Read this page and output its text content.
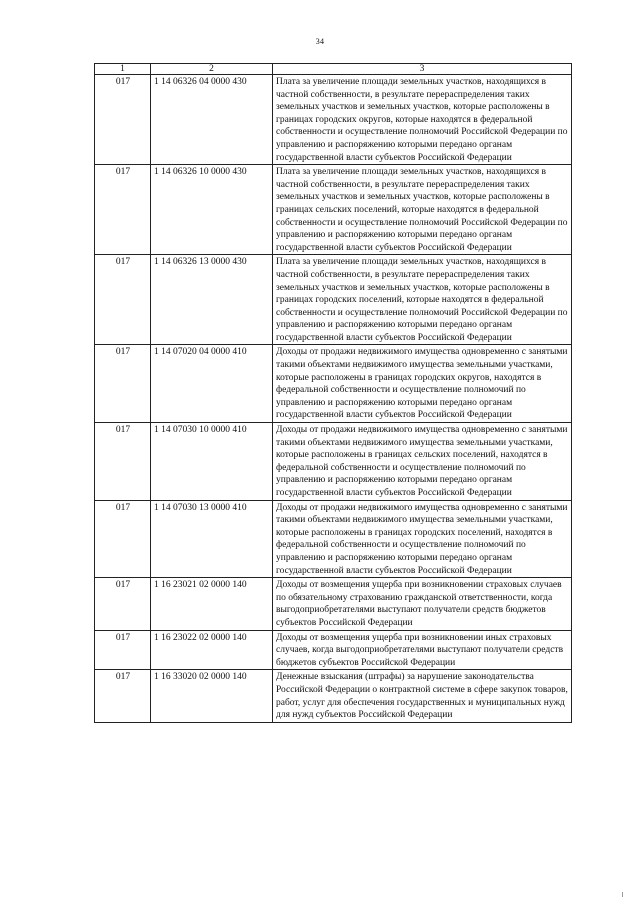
34
1	2	3
017	1 14 06326 04 0000 430	Плата за увеличение площади земельных участков, находящихся в частной собственности, в результате перераспределения таких земельных участков и земельных участков, которые расположены в границах городских округов, которые находятся в федеральной собственности и осуществление полномочий Российской Федерации по управлению и распоряжению которыми передано органам государственной власти субъектов Российской Федерации
017	1 14 06326 10 0000 430	Плата за увеличение площади земельных участков, находящихся в частной собственности, в результате перераспределения таких земельных участков и земельных участков, которые расположены в границах сельских поселений, которые находятся в федеральной собственности и осуществление полномочий Российской Федерации по управлению и распоряжению которыми передано органам государственной власти субъектов Российской Федерации
017	1 14 06326 13 0000 430	Плата за увеличение площади земельных участков, находящихся в частной собственности, в результате перераспределения таких земельных участков и земельных участков, которые расположены в границах городских поселений, которые находятся в федеральной собственности и осуществление полномочий Российской Федерации по управлению и распоряжению которыми передано органам государственной власти субъектов Российской Федерации
017	1 14 07020 04 0000 410	Доходы от продажи недвижимого имущества одновременно с занятыми такими объектами недвижимого имущества земельными участками, которые расположены в границах городских округов, находятся в федеральной собственности и осуществление полномочий по управлению и распоряжению которыми передано органам государственной власти субъектов Российской Федерации
017	1 14 07030 10 0000 410	Доходы от продажи недвижимого имущества одновременно с занятыми такими объектами недвижимого имущества земельными участками, которые расположены в границах сельских поселений, находятся в федеральной собственности и осуществление полномочий по управлению и распоряжению которыми передано органам государственной власти субъектов Российской Федерации
017	1 14 07030 13 0000 410	Доходы от продажи недвижимого имущества одновременно с занятыми такими объектами недвижимого имущества земельными участками, которые расположены в границах городских поселений, находятся в федеральной собственности и осуществление полномочий по управлению и распоряжению которыми передано органам государственной власти субъектов Российской Федерации
017	1 16 23021 02 0000 140	Доходы от возмещения ущерба при возникновении страховых случаев по обязательному страхованию гражданской ответственности, когда выгодоприобретателями выступают получатели средств бюджетов субъектов Российской Федерации
017	1 16 23022 02 0000 140	Доходы от возмещения ущерба при возникновении иных страховых случаев, когда выгодоприобретателями выступают получатели средств бюджетов субъектов Российской Федерации
017	1 16 33020 02 0000 140	Денежные взыскания (штрафы) за нарушение законодательства Российской Федерации о контрактной системе в сфере закупок товаров, работ, услуг для обеспечения государственных и муниципальных нужд для нужд субъектов Российской Федерации
